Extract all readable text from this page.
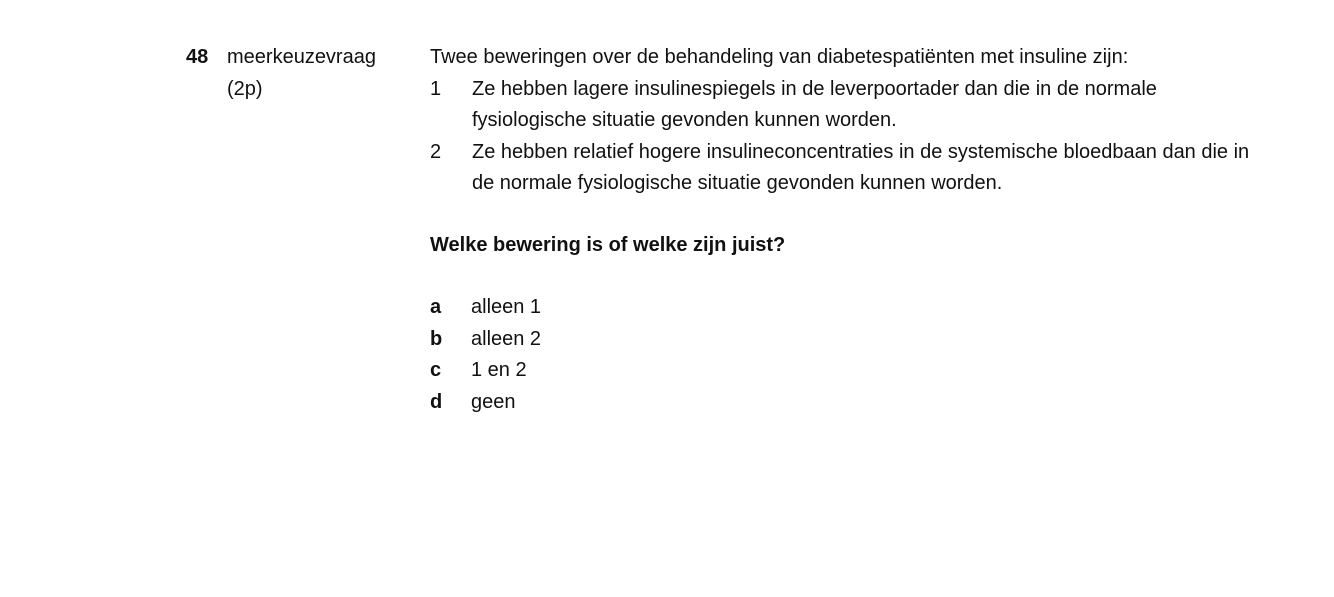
48 meerkeuzevraag
(2p)
Twee beweringen over de behandeling van diabetespatiënten met insuline zijn:
1	Ze hebben lagere insulinespiegels in de leverpoortader dan die in de normale fysiologische situatie gevonden kunnen worden.
2	Ze hebben relatief hogere insulineconcentraties in de systemische bloedbaan dan die in de normale fysiologische situatie gevonden kunnen worden.
Welke bewering is of welke zijn juist?
a	alleen 1
b	alleen 2
c	1 en 2
d	geen
